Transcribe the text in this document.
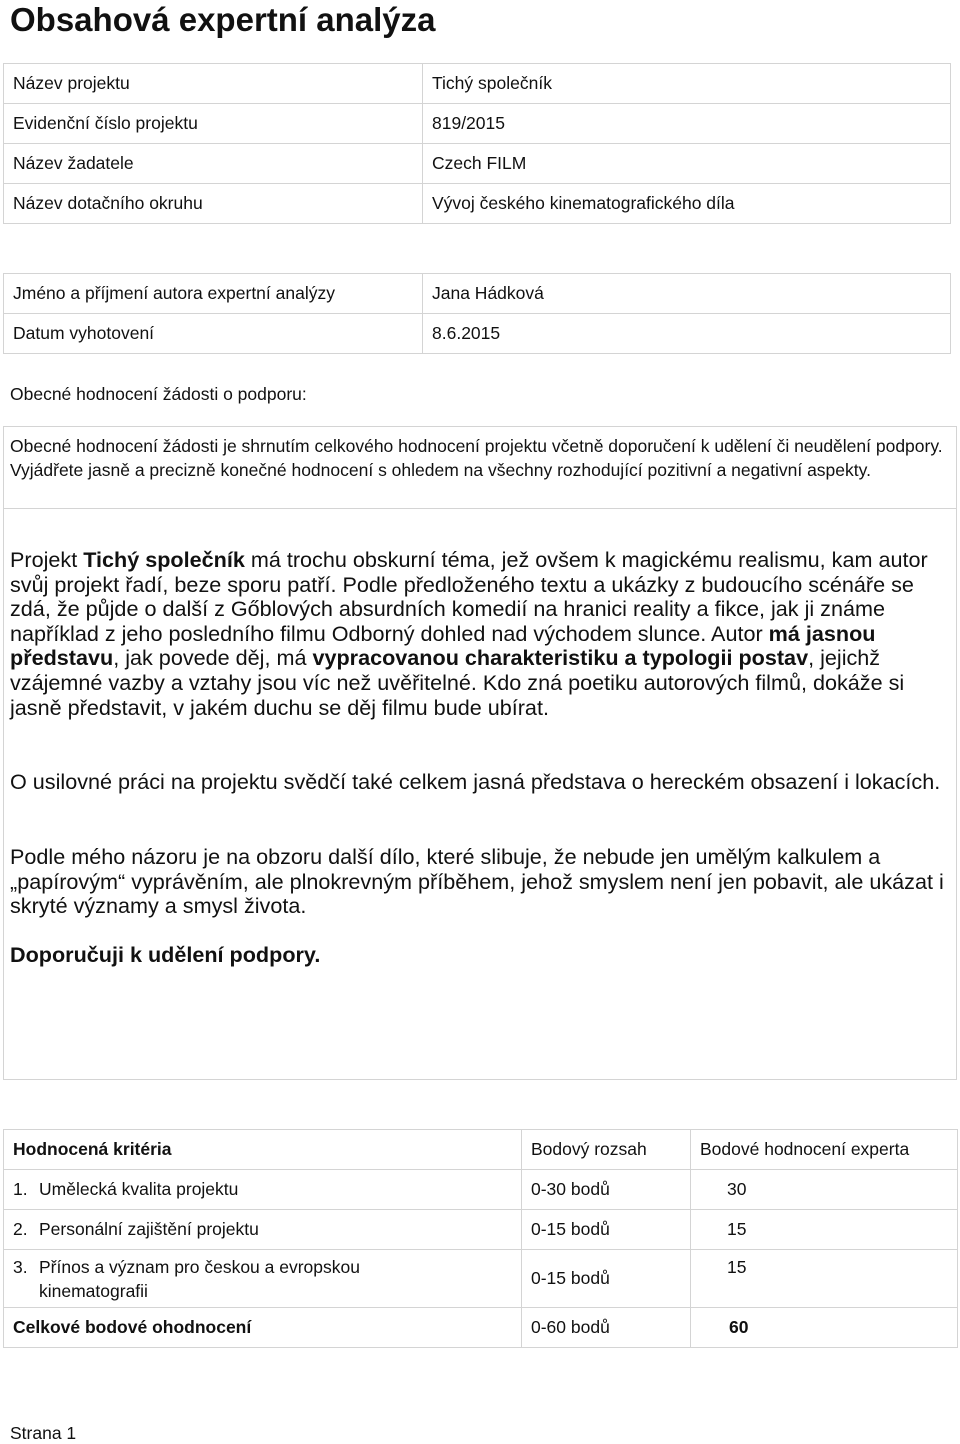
Obsahová expertní analýza
Název projektu	Tichý společník
Evidenční číslo projektu	819/2015
Název žadatele	Czech FILM
Název dotačního okruhu	Vývoj českého kinematografického díla
Jméno a příjmení autora expertní analýzy	Jana Hádková
Datum vyhotovení	8.6.2015
Obecné hodnocení žádosti o podporu:
Obecné hodnocení žádosti je shrnutím celkového hodnocení projektu včetně doporučení k udělení či neudělení podpory. Vyjádřete jasně a precizně konečné hodnocení s ohledem na všechny rozhodující pozitivní a negativní aspekty.
Projekt Tichý společník má trochu obskurní téma, jež ovšem k magickému realismu, kam autor svůj projekt řadí, beze sporu patří. Podle předloženého textu a ukázky z budoucího scénáře se zdá, že půjde o další z Gőblových absurdních komedií na hranici reality a fikce, jak ji známe například z jeho posledního filmu Odborný dohled nad východem slunce. Autor má jasnou představu, jak povede děj, má vypracovanou charakteristiku a typologii postav, jejichž vzájemné vazby a vztahy jsou víc než uvěřitelné. Kdo zná poetiku autorových filmů, dokáže si jasně představit, v jakém duchu se děj filmu bude ubírat.
O usilovné práci na projektu svědčí také celkem jasná představa o hereckém obsazení i lokacích.
Podle mého názoru je na obzoru další dílo, které slibuje, že nebude jen umělým kalkulem a „papírovým“ vyprávěním, ale plnokrevným příběhem, jehož smyslem není jen pobavit, ale ukázat i skryté významy a smysl života.
Doporučuji k udělení podpory.
Hodnocená kritéria	Bodový rozsah	Bodové hodnocení experta
1. Umělecká kvalita projektu	0-30 bodů	30
2. Personální zajištění projektu	0-15 bodů	15
3. Přínos a význam pro českou a evropskou kinematografii	0-15 bodů	15
Celkové bodové ohodnocení	0-60 bodů	60
Strana 1
